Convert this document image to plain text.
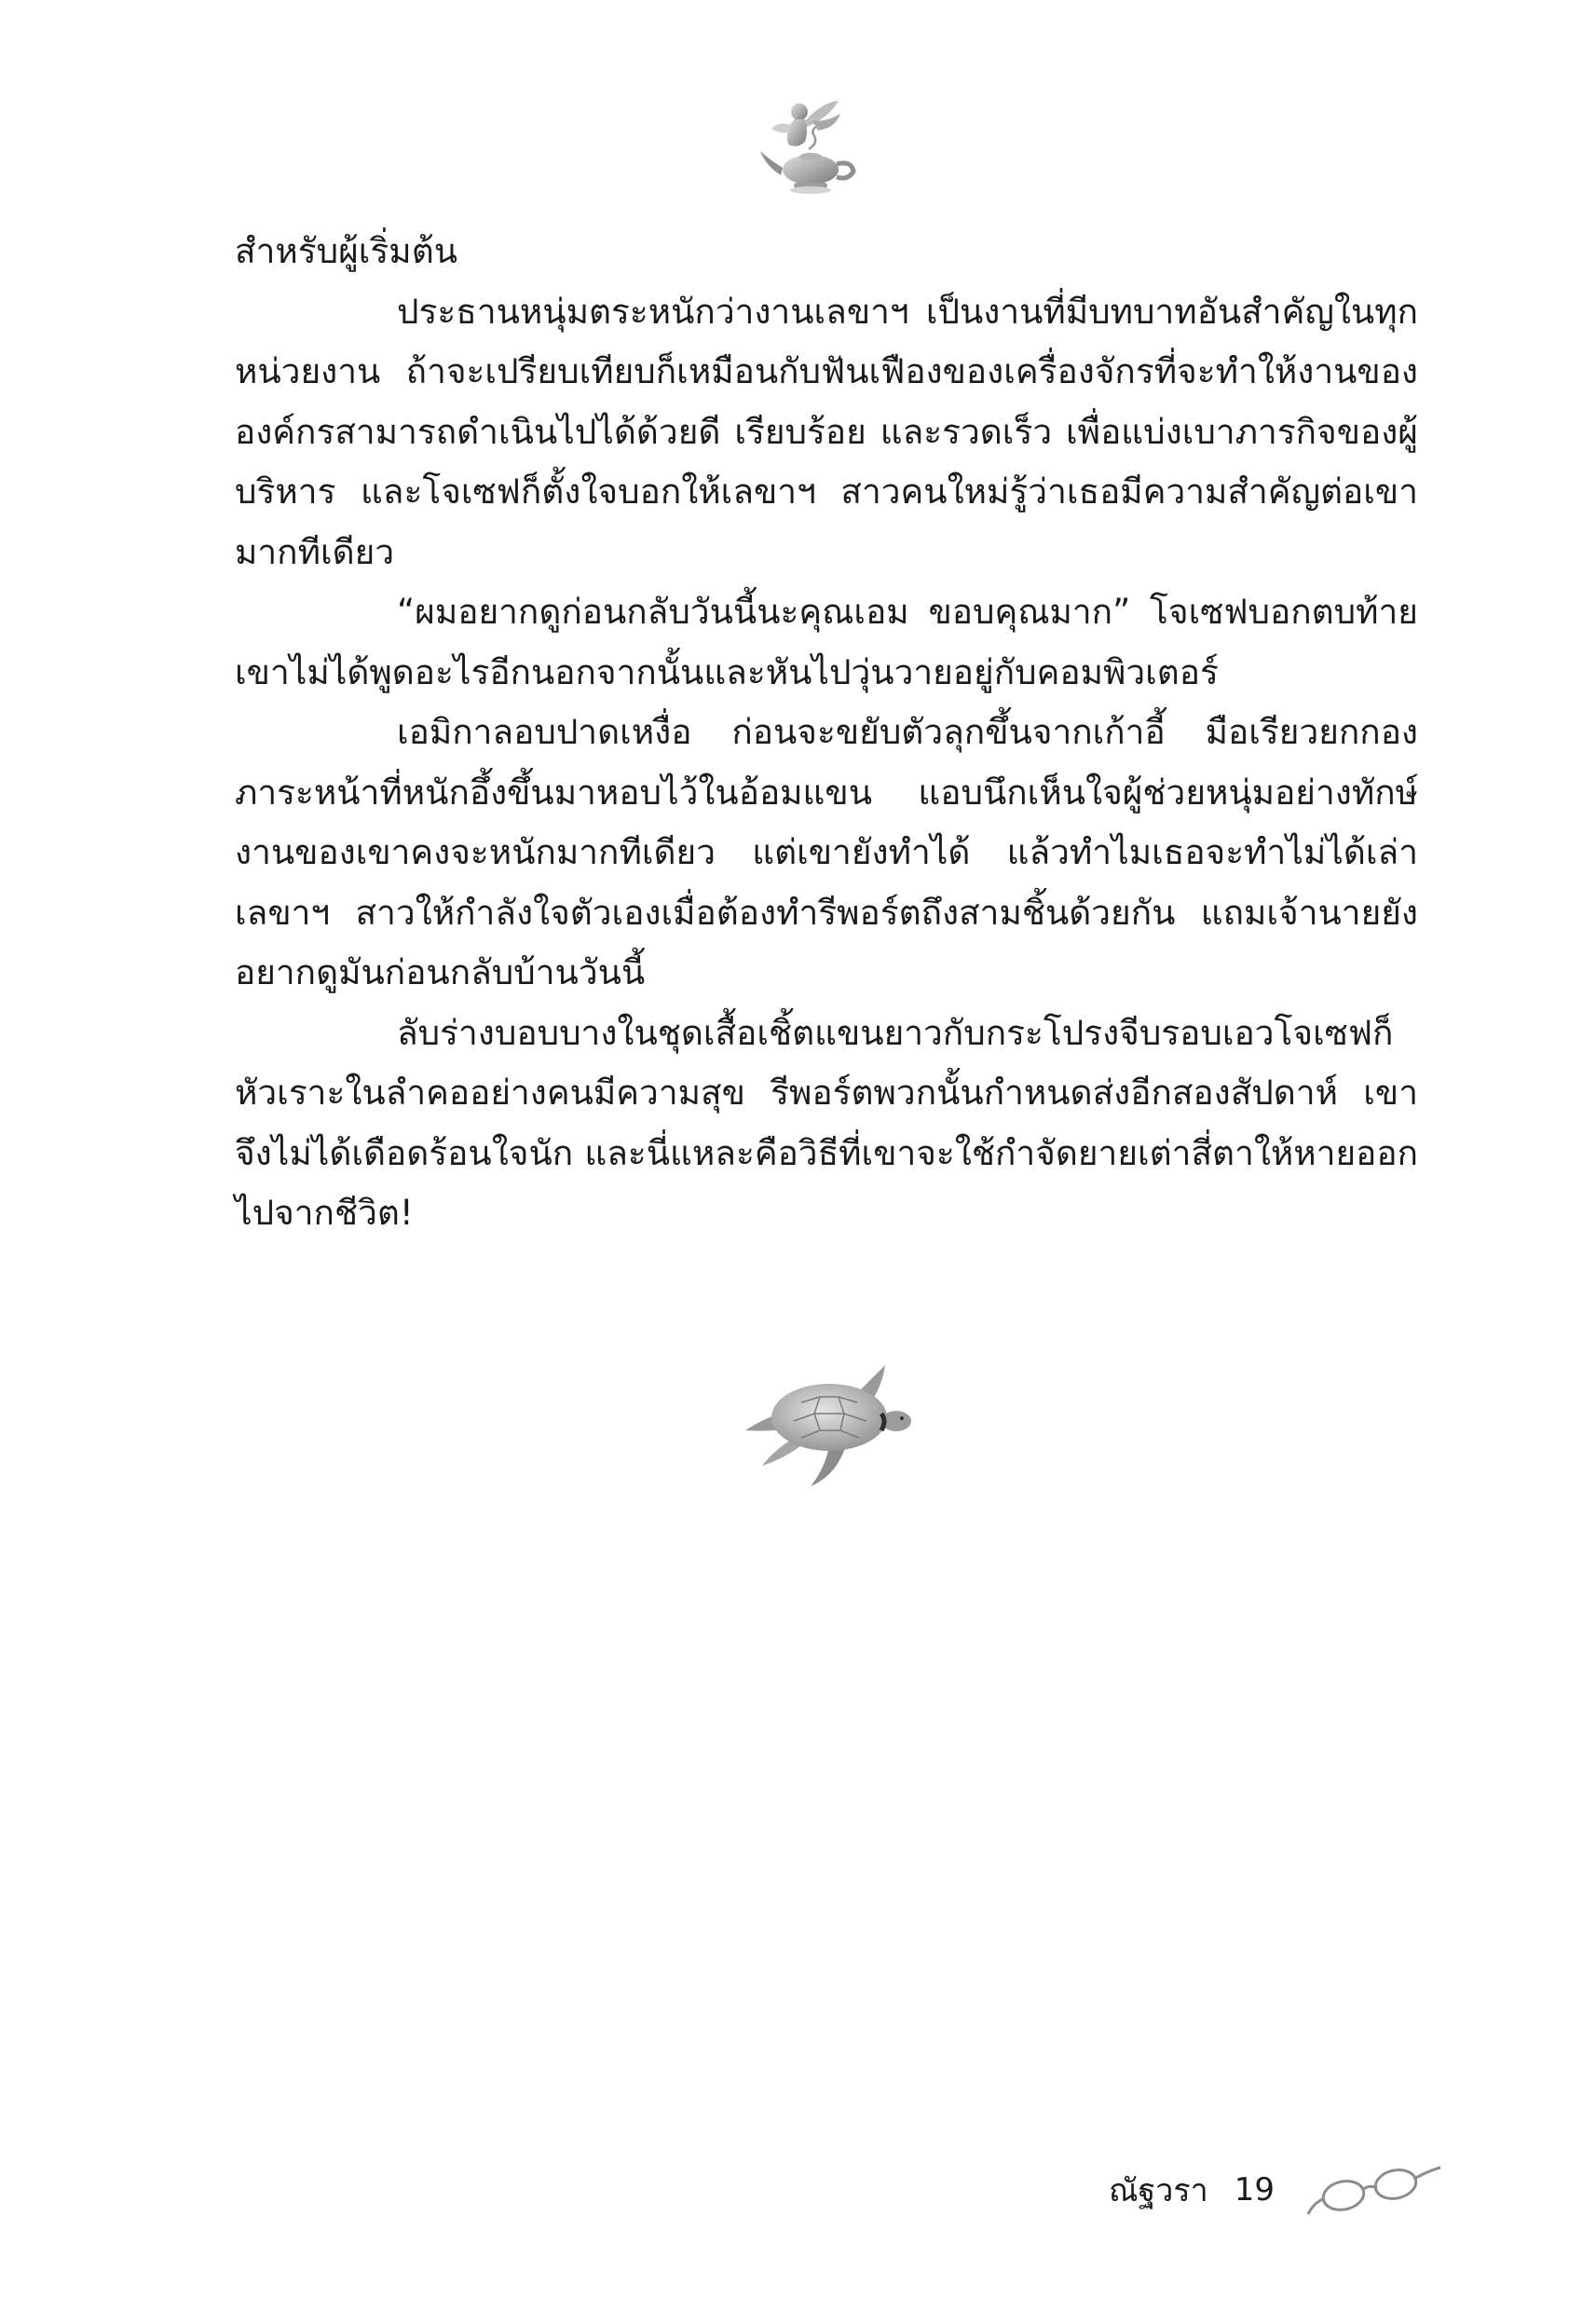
สำหรับผู้เริ่มต้น

ประธานหนุ่มตระหนักว่างานเลขาฯ เป็นงานที่มีบทบาทอันสำคัญในทุกหน่วยงาน ถ้าจะเปรียบเทียบก็เหมือนกับฟันเฟืองของเครื่องจักรที่จะทำให้งานขององค์กรสามารถดำเนินไปได้ด้วยดี เรียบร้อย และรวดเร็ว เพื่อแบ่งเบาภารกิจของผู้บริหาร และโจเซฟก็ตั้งใจบอกให้เลขาฯ สาวคนใหม่รู้ว่าเธอมีความสำคัญต่อเขามากทีเดียว

“ผมอยากดูก่อนกลับวันนี้นะคุณเอม ขอบคุณมาก” โจเซฟบอกตบท้ายเขาไม่ได้พูดอะไรอีกนอกจากนั้นและหันไปวุ่นวายอยู่กับคอมพิวเตอร์

เอมิกาลอบปาดเหงื่อ ก่อนจะขยับตัวลุกขึ้นจากเก้าอี้ มือเรียวยกกองภาระหน้าที่หนักอึ้งขึ้นมาหอบไว้ในอ้อมแขน แอบนึกเห็นใจผู้ช่วยหนุ่มอย่างทักษ์งานของเขาคงจะหนักมากทีเดียว แต่เขายังทำได้ แล้วทำไมเธอจะทำไม่ได้เล่าเลขาฯ สาวให้กำลังใจตัวเองเมื่อต้องทำรีพอร์ตถึงสามชิ้นด้วยกัน แถมเจ้านายยังอยากดูมันก่อนกลับบ้านวันนี้

ลับร่างบอบบางในชุดเสื้อเชิ้ตแขนยาวกับกระโปรงจีบรอบเอวโจเซฟก็หัวเราะในลำคออย่างคนมีความสุข รีพอร์ตพวกนั้นกำหนดส่งอีกสองสัปดาห์ เขาจึงไม่ได้เดือดร้อนใจนัก และนี่แหละคือวิธีที่เขาจะใช้กำจัดยายเต่าสี่ตาให้หายออกไปจากชีวิต!

ณัฐวรา 19
